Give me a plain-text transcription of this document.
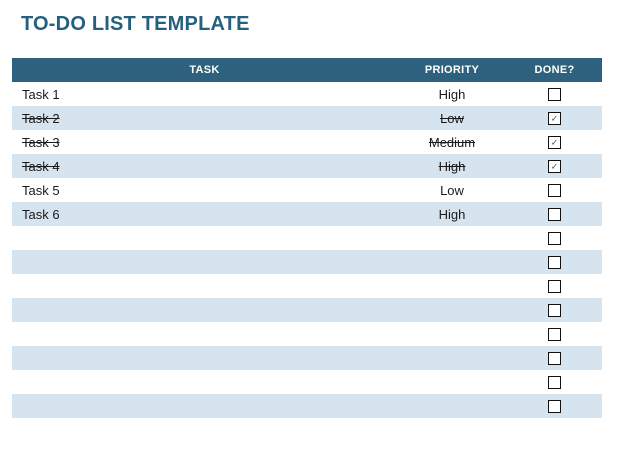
TO-DO LIST TEMPLATE
TASK	PRIORITY	DONE?
Task 1	High
Task 2	Low	✓
Task 3	Medium	✓
Task 4	High	✓
Task 5	Low
Task 6	High
